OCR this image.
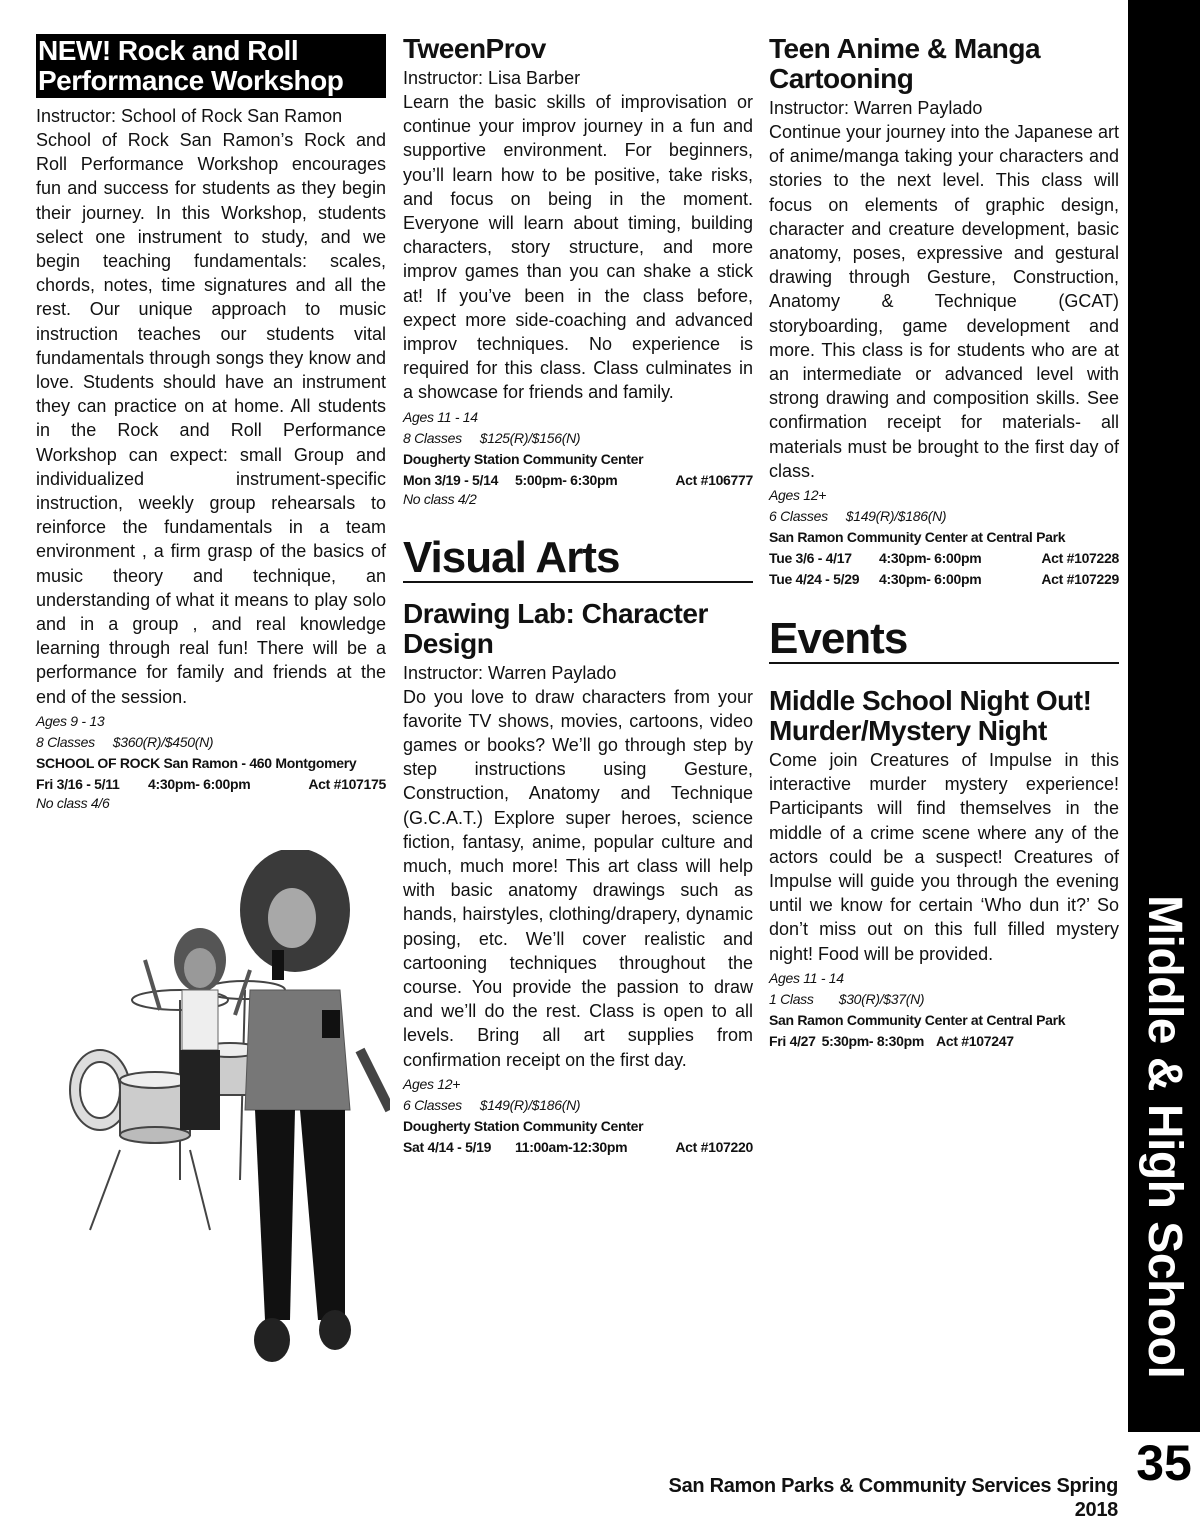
NEW! Rock and Roll Performance Workshop
Instructor: School of Rock San Ramon
School of Rock San Ramon’s Rock and Roll Performance Workshop encourages fun and success for students as they begin their journey. In this Workshop, students select one instrument to study, and we begin teaching fundamentals: scales, chords, notes, time signatures and all the rest. Our unique approach to music instruction teaches our students vital fundamentals through songs they know and love. Students should have an instrument they can practice on at home. All students in the Rock and Roll Performance Workshop can expect: small Group and individualized instrument-specific instruction, weekly group rehearsals to reinforce the fundamentals in a team environment , a firm grasp of the basics of music theory and technique, an understanding of what it means to play solo and in a group , and real knowledge learning through real fun! There will be a performance for family and friends at the end of the session.
Ages 9 - 13
8 Classes     $360(R)/$450(N)
SCHOOL OF ROCK San Ramon - 460 Montgomery
Fri 3/16 - 5/11	4:30pm- 6:00pm	Act #107175
No class 4/6
TweenProv
Instructor: Lisa Barber
Learn the basic skills of improvisation or continue your improv journey in a fun and supportive environment. For beginners, you’ll learn how to be positive, take risks, and focus on being in the moment. Everyone will learn about timing, building characters, story structure, and more improv games than you can shake a stick at! If you’ve been in the class before, expect more side-coaching and advanced improv techniques. No experience is required for this class. Class culminates in a showcase for friends and family.
Ages 11 - 14
8 Classes     $125(R)/$156(N)
Dougherty Station Community Center
Mon 3/19 - 5/14	5:00pm- 6:30pm	Act #106777
No class 4/2
Visual Arts
Drawing Lab: Character Design
Instructor: Warren Paylado
Do you love to draw characters from your favorite TV shows, movies, cartoons, video games or books? We’ll go through step by step instructions using Gesture, Construction, Anatomy and Technique (G.C.A.T.) Explore super heroes, science fiction, fantasy, anime, popular culture and much, much more! This art class will help with basic anatomy drawings such as hands, hairstyles, clothing/drapery, dynamic posing, etc. We’ll cover realistic and cartooning techniques throughout the course. You provide the passion to draw and we’ll do the rest. Class is open to all levels. Bring all art supplies from confirmation receipt on the first day.
Ages 12+
6 Classes     $149(R)/$186(N)
Dougherty Station Community Center
Sat 4/14 - 5/19	11:00am-12:30pm	Act #107220
Teen Anime & Manga Cartooning
Instructor: Warren Paylado
Continue your journey into the Japanese art of anime/manga taking your characters and stories to the next level. This class will focus on elements of graphic design, character and creature development, basic anatomy, poses, expressive and gestural drawing through Gesture, Construction, Anatomy & Technique (GCAT) storyboarding, game development and more. This class is for students who are at an intermediate or advanced level with strong drawing and composition skills. See confirmation receipt for materials- all materials must be brought to the first day of class.
Ages 12+
6 Classes     $149(R)/$186(N)
San Ramon Community Center at Central Park
Tue 3/6 - 4/17	4:30pm- 6:00pm	Act #107228
Tue 4/24 - 5/29	4:30pm- 6:00pm	Act #107229
Events
Middle School Night Out! Murder/Mystery Night
Come join Creatures of Impulse in this interactive murder mystery experience! Participants will find themselves in the middle of a crime scene where any of the actors could be a suspect! Creatures of Impulse will guide you through the evening until we know for certain ‘Who dun it?’ So don’t miss out on this full filled mystery night! Food will be provided.
Ages 11 - 14
1 Class       $30(R)/$37(N)
San Ramon Community Center at Central Park
Fri 4/27 5:30pm- 8:30pm Act #107247	Middle & High School
35
San Ramon Parks & Community Services Spring 2018
